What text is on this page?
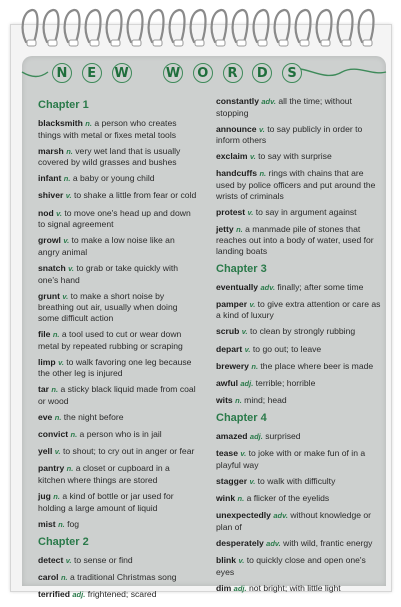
N	E	W	W	O	R	D	S
Chapter 1
blacksmith n. a person who creates things with metal or fixes metal tools
marsh n. very wet land that is usually covered by wild grasses and bushes
infant n. a baby or young child
shiver v. to shake a little from fear or cold
nod v. to move one's head up and down to signal agreement
growl v. to make a low noise like an angry animal
snatch v. to grab or take quickly with one's hand
grunt v. to make a short noise by breathing out air, usually when doing some difficult action
file n. a tool used to cut or wear down metal by repeated rubbing or scraping
limp v. to walk favoring one leg because the other leg is injured
tar n. a sticky black liquid made from coal or wood
eve n. the night before
convict n. a person who is in jail
yell v. to shout; to cry out in anger or fear
pantry n. a closet or cupboard in a kitchen where things are stored
jug n. a kind of bottle or jar used for holding a large amount of liquid
mist n. fog
Chapter 2
detect v. to sense or find
carol n. a traditional Christmas song
terrified adj. frightened; scared
constantly adv. all the time; without stopping
announce v. to say publicly in order to inform others
exclaim v. to say with surprise
handcuffs n. rings with chains that are used by police officers and put around the wrists of criminals
protest v. to say in argument against
jetty n. a manmade pile of stones that reaches out into a body of water, used for landing boats
Chapter 3
eventually adv. finally; after some time
pamper v. to give extra attention or care as a kind of luxury
scrub v. to clean by strongly rubbing
depart v. to go out; to leave
brewery n. the place where beer is made
awful adj. terrible; horrible
wits n. mind; head
Chapter 4
amazed adj. surprised
tease v. to joke with or make fun of in a playful way
stagger v. to walk with difficulty
wink n. a flicker of the eyelids
unexpectedly adv. without knowledge or plan of
desperately adv. with wild, frantic energy
blink v. to quickly close and open one's eyes
dim adj. not bright; with little light
